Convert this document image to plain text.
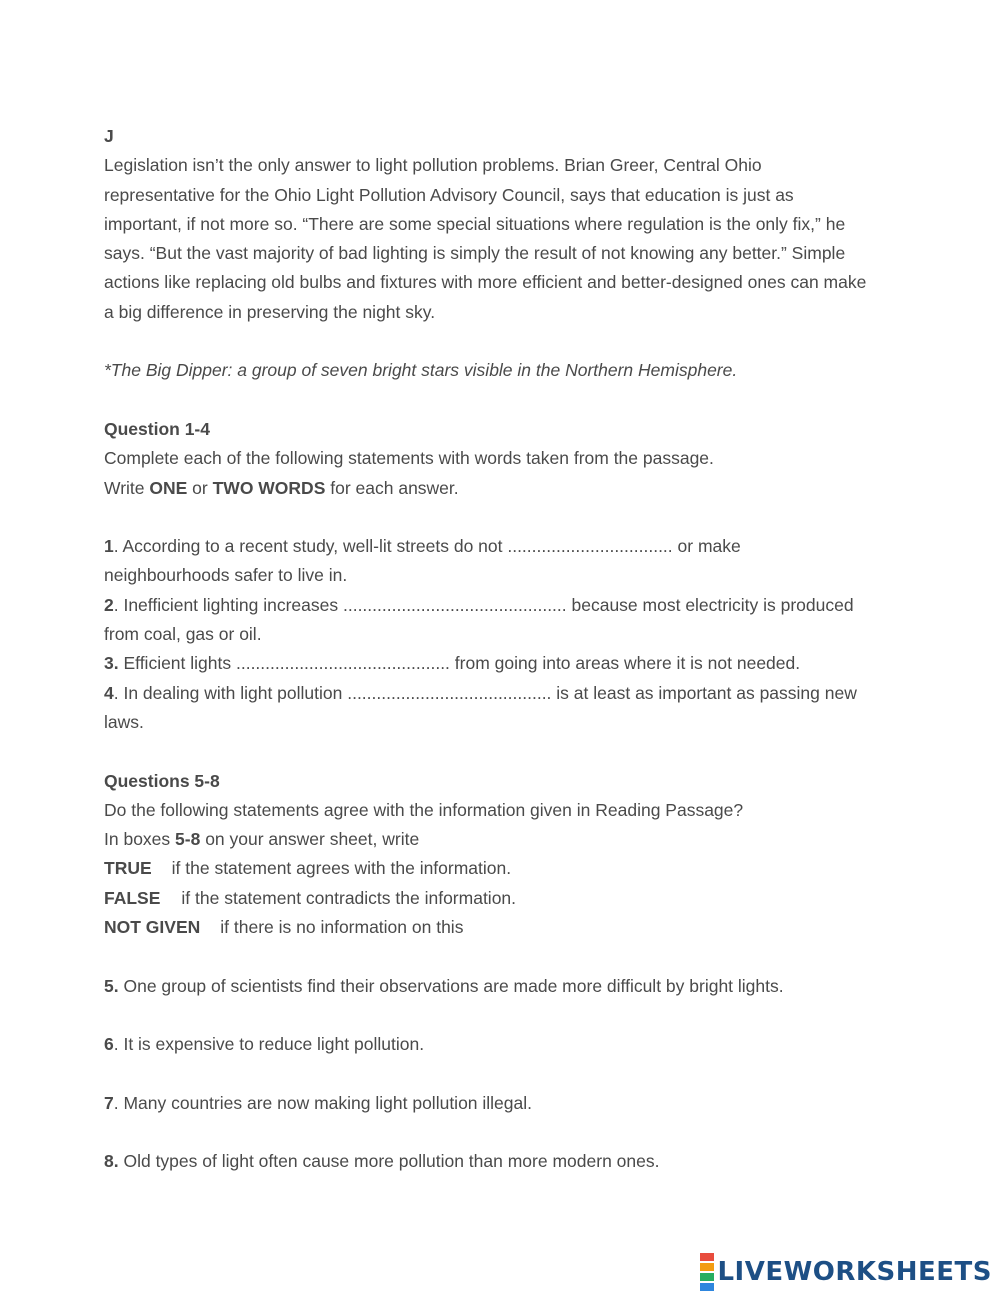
J
Legislation isn’t the only answer to light pollution problems. Brian Greer, Central Ohio
representative for the Ohio Light Pollution Advisory Council, says that education is just as
important, if not more so. “There are some special situations where regulation is the only fix,” he
says. “But the vast majority of bad lighting is simply the result of not knowing any better.” Simple
actions like replacing old bulbs and fixtures with more efficient and better-designed ones can make
a big difference in preserving the night sky.
*The Big Dipper: a group of seven bright stars visible in the Northern Hemisphere.
Question 1-4
Complete each of the following statements with words taken from the passage.
Write ONE or TWO WORDS for each answer.
1. According to a recent study, well-lit streets do not .................................. or make
neighbourhoods safer to live in.
2. Inefficient lighting increases .............................................. because most electricity is produced
from coal, gas or oil.
3. Efficient lights ............................................ from going into areas where it is not needed.
4. In dealing with light pollution .......................................... is at least as important as passing new
laws.
Questions 5-8
Do the following statements agree with the information given in Reading Passage?
In boxes 5-8 on your answer sheet, write
TRUE if the statement agrees with the information.
FALSE if the statement contradicts the information.
NOT GIVEN if there is no information on this
5. One group of scientists find their observations are made more difficult by bright lights.
6. It is expensive to reduce light pollution.
7. Many countries are now making light pollution illegal.
8. Old types of light often cause more pollution than more modern ones.
LIVEWORKSHEETS
